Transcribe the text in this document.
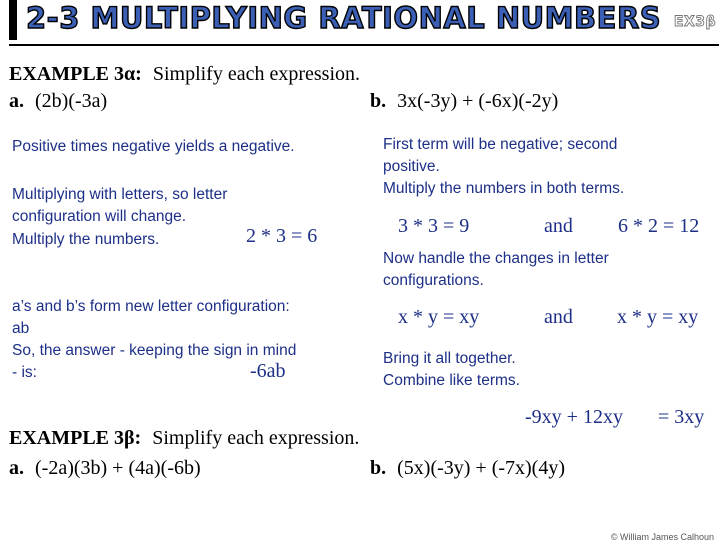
2-3 MULTIPLYING RATIONAL NUMBERS EX3β
EXAMPLE 3α: Simplify each expression.
a. (2b)(-3a)	b. 3x(-3y) + (-6x)(-2y)
Positive times negative yields a negative.
Multiplying with letters, so letter
configuration will change.
Multiply the numbers.	2 * 3 = 6
a’s and b’s form new letter configuration:
ab
So, the answer - keeping the sign in mind
- is:	-6ab
First term will be negative; second
positive.
Multiply the numbers in both terms.
3 * 3 = 9	and 6 * 2 = 12
Now handle the changes in letter
configurations.
x * y = xy	and x * y = xy
Bring it all together.
Combine like terms.
-9xy + 12xy = 3xy
EXAMPLE 3β: Simplify each expression.
a. (-2a)(3b) + (4a)(-6b)	b. (5x)(-3y) + (-7x)(4y)
© William James Calhoun
